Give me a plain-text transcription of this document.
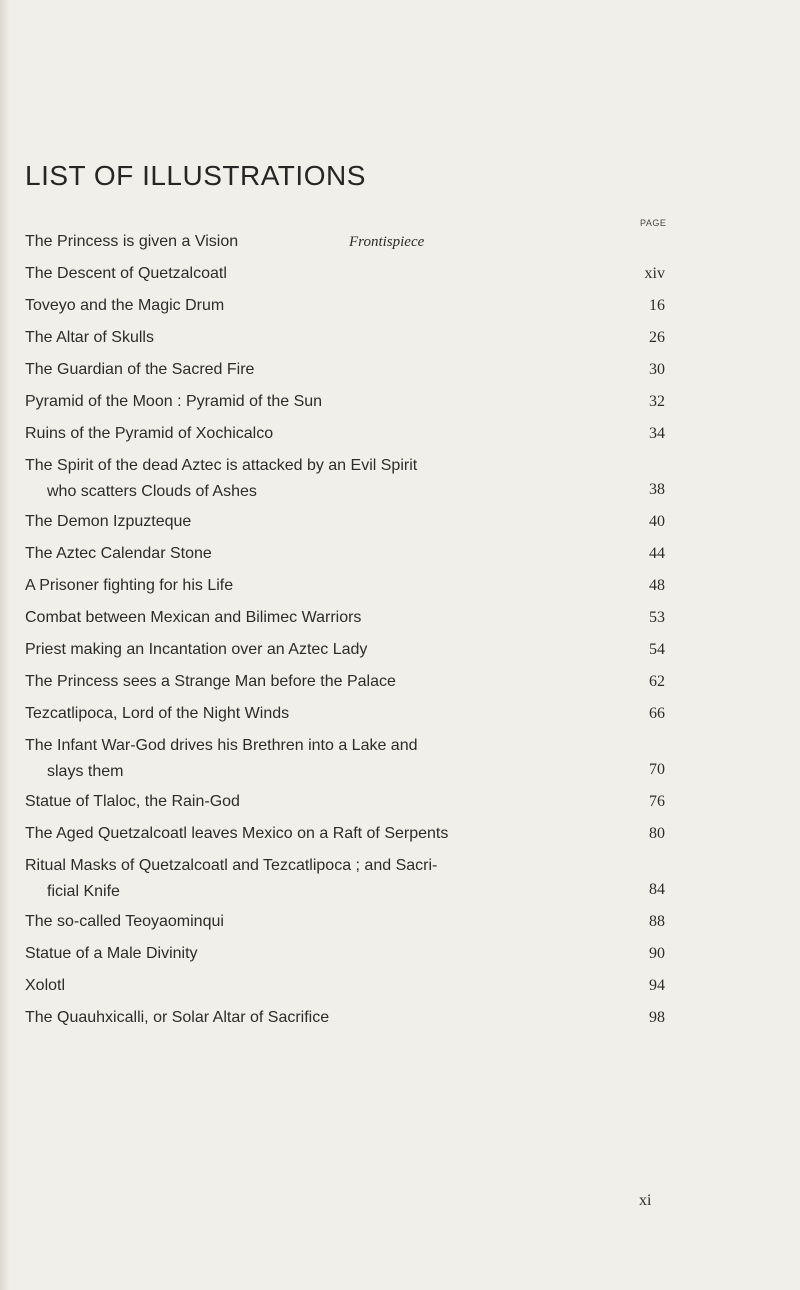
LIST OF ILLUSTRATIONS
PAGE
The Princess is given a Vision	Frontispiece
The Descent of Quetzalcoatl	xiv
Toveyo and the Magic Drum	16
The Altar of Skulls	26
The Guardian of the Sacred Fire	30
Pyramid of the Moon : Pyramid of the Sun	32
Ruins of the Pyramid of Xochicalco	34
The Spirit of the dead Aztec is attacked by an Evil Spirit
who scatters Clouds of Ashes	38
The Demon Izpuzteque	40
The Aztec Calendar Stone	44
A Prisoner fighting for his Life	48
Combat between Mexican and Bilimec Warriors	53
Priest making an Incantation over an Aztec Lady	54
The Princess sees a Strange Man before the Palace	62
Tezcatlipoca, Lord of the Night Winds	66
The Infant War-God drives his Brethren into a Lake and
slays them	70
Statue of Tlaloc, the Rain-God	76
The Aged Quetzalcoatl leaves Mexico on a Raft of Serpents	80
Ritual Masks of Quetzalcoatl and Tezcatlipoca ; and Sacri-
ficial Knife	84
The so-called Teoyaominqui	88
Statue of a Male Divinity	90
Xolotl	94
The Quauhxicalli, or Solar Altar of Sacrifice	98
xi
